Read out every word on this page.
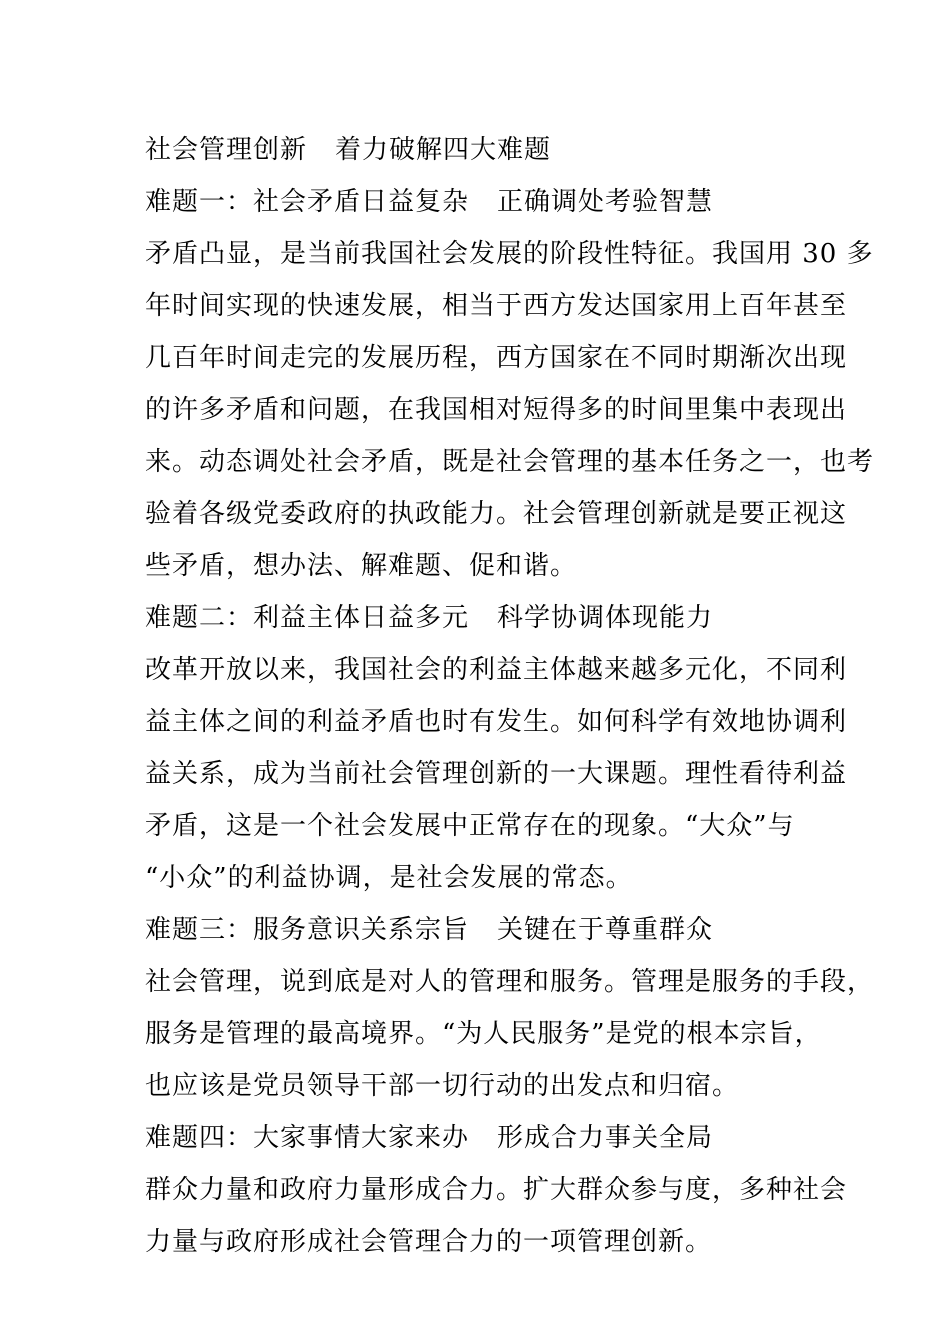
社会管理创新 着力破解四大难题
难题一：社会矛盾日益复杂 正确调处考验智慧
矛盾凸显，是当前我国社会发展的阶段性特征。我国用 30 多
年时间实现的快速发展，相当于西方发达国家用上百年甚至
几百年时间走完的发展历程，西方国家在不同时期渐次出现
的许多矛盾和问题，在我国相对短得多的时间里集中表现出
来。动态调处社会矛盾，既是社会管理的基本任务之一，也考
验着各级党委政府的执政能力。社会管理创新就是要正视这
些矛盾，想办法、解难题、促和谐。
难题二：利益主体日益多元 科学协调体现能力
改革开放以来，我国社会的利益主体越来越多元化，不同利
益主体之间的利益矛盾也时有发生。如何科学有效地协调利
益关系，成为当前社会管理创新的一大课题。理性看待利益
矛盾，这是一个社会发展中正常存在的现象。“大众”与
“小众”的利益协调，是社会发展的常态。
难题三：服务意识关系宗旨 关键在于尊重群众
社会管理，说到底是对人的管理和服务。管理是服务的手段，
服务是管理的最高境界。“为人民服务”是党的根本宗旨，
也应该是党员领导干部一切行动的出发点和归宿。
难题四：大家事情大家来办 形成合力事关全局
群众力量和政府力量形成合力。扩大群众参与度，多种社会
力量与政府形成社会管理合力的一项管理创新。
